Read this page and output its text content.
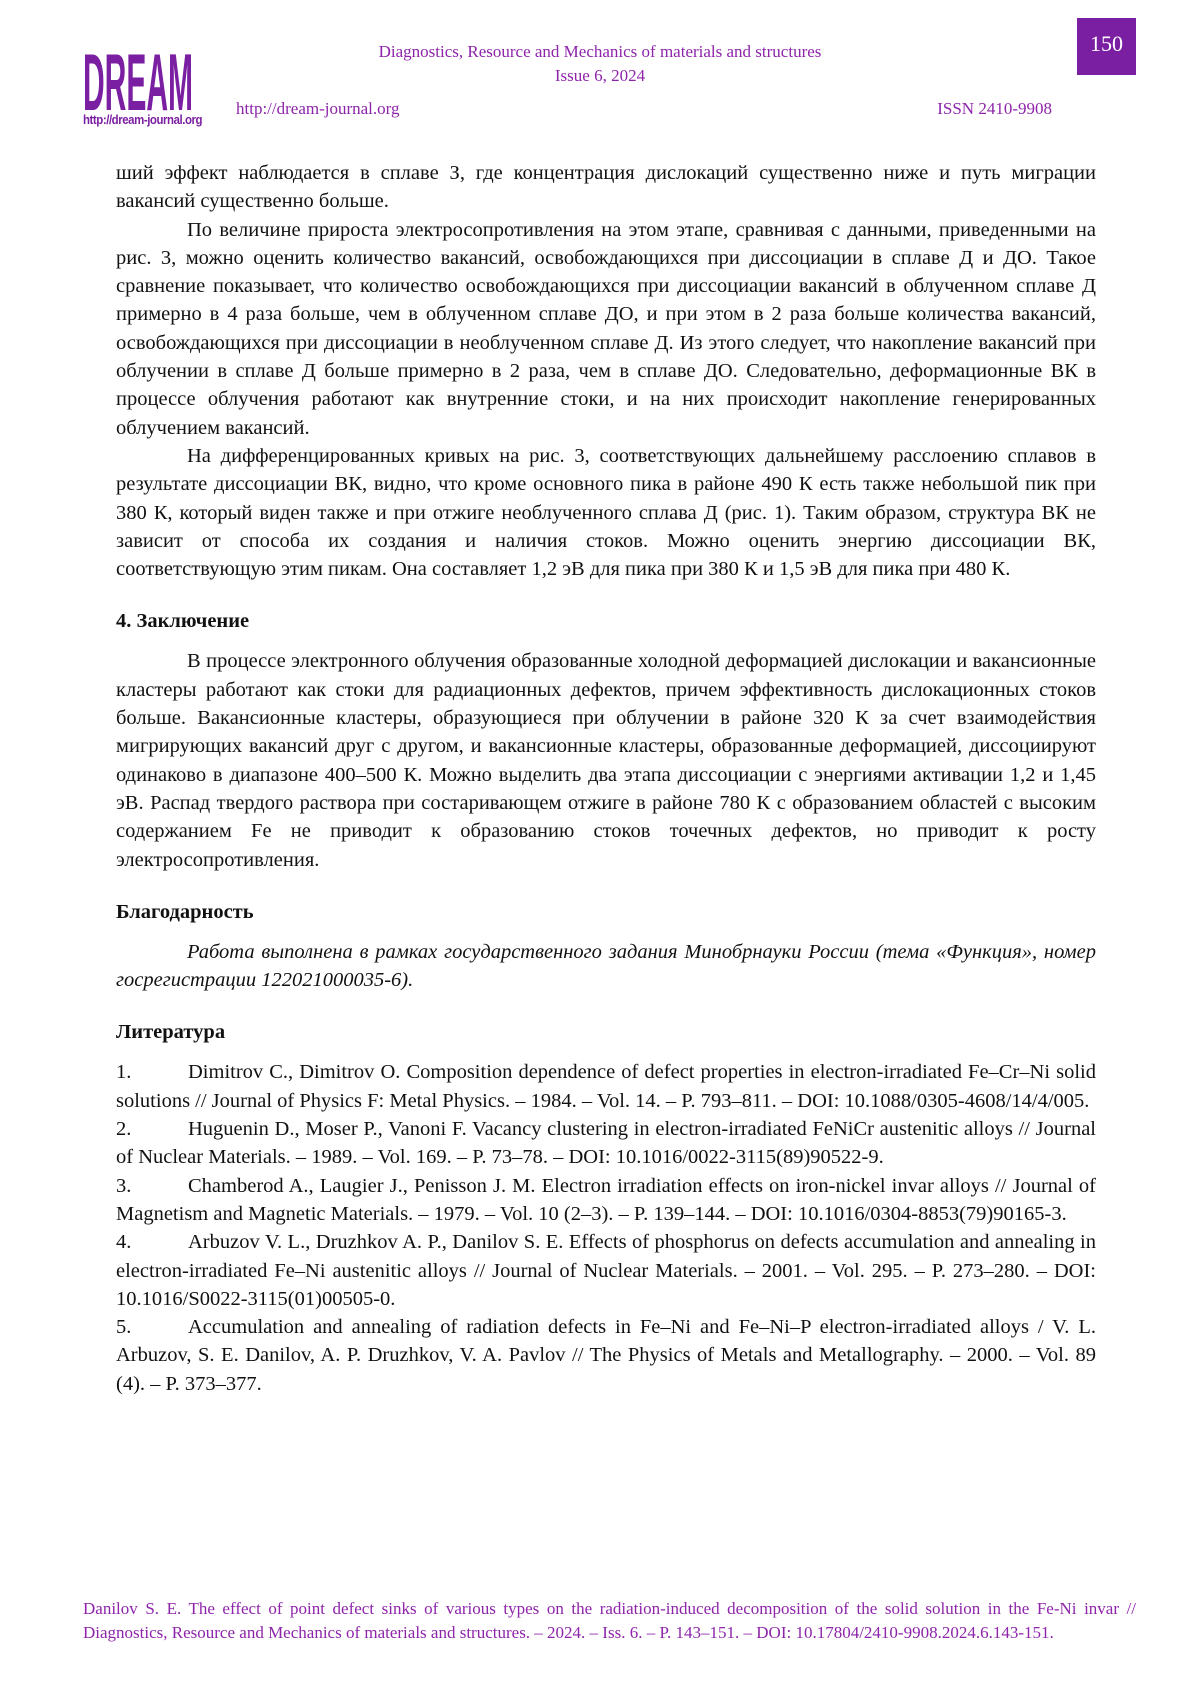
DREAM
http://dream-journal.org
Diagnostics, Resource and Mechanics of materials and structures
Issue 6, 2024
http://dream-journal.org	ISSN 2410-9908
150

ший эффект наблюдается в сплаве З, где концентрация дислокаций существенно ниже и путь миграции вакансий существенно больше.

По величине прироста электросопротивления на этом этапе, сравнивая с данными, приведенными на рис. 3, можно оценить количество вакансий, освобождающихся при диссоциации в сплаве Д и ДО. Такое сравнение показывает, что количество освобождающихся при диссоциации вакансий в облученном сплаве Д примерно в 4 раза больше, чем в облученном сплаве ДО, и при этом в 2 раза больше количества вакансий, освобождающихся при диссоциации в необлученном сплаве Д. Из этого следует, что накопление вакансий при облучении в сплаве Д больше примерно в 2 раза, чем в сплаве ДО. Следовательно, деформационные ВК в процессе облучения работают как внутренние стоки, и на них происходит накопление генерированных облучением вакансий.

На дифференцированных кривых на рис. 3, соответствующих дальнейшему расслоению сплавов в результате диссоциации ВК, видно, что кроме основного пика в районе 490 К есть также небольшой пик при 380 К, который виден также и при отжиге необлученного сплава Д (рис. 1). Таким образом, структура ВК не зависит от способа их создания и наличия стоков. Можно оценить энергию диссоциации ВК, соответствующую этим пикам. Она составляет 1,2 эВ для пика при 380 К и 1,5 эВ для пика при 480 К.

4. Заключение

В процессе электронного облучения образованные холодной деформацией дислокации и вакансионные кластеры работают как стоки для радиационных дефектов, причем эффективность дислокационных стоков больше. Вакансионные кластеры, образующиеся при облучении в районе 320 К за счет взаимодействия мигрирующих вакансий друг с другом, и вакансионные кластеры, образованные деформацией, диссоциируют одинаково в диапазоне 400–500 К. Можно выделить два этапа диссоциации с энергиями активации 1,2 и 1,45 эВ. Распад твердого раствора при состаривающем отжиге в районе 780 К с образованием областей с высоким содержанием Fe не приводит к образованию стоков точечных дефектов, но приводит к росту электросопротивления.

Благодарность

Работа выполнена в рамках государственного задания Минобрнауки России (тема «Функция», номер госрегистрации 122021000035-6).

Литература

1.	Dimitrov C., Dimitrov O. Composition dependence of defect properties in electron-irradiated Fe–Cr–Ni solid solutions // Journal of Physics F: Metal Physics. – 1984. – Vol. 14. – P. 793–811. – DOI: 10.1088/0305-4608/14/4/005.

2.	Huguenin D., Moser P., Vanoni F. Vacancy clustering in electron-irradiated FeNiCr austenitic alloys // Journal of Nuclear Materials. – 1989. – Vol. 169. – P. 73–78. – DOI: 10.1016/0022-3115(89)90522-9.

3.	Chamberod A., Laugier J., Penisson J. M. Electron irradiation effects on iron-nickel invar alloys // Journal of Magnetism and Magnetic Materials. – 1979. – Vol. 10 (2–3). – P. 139–144. – DOI: 10.1016/0304-8853(79)90165-3.

4.	Arbuzov V. L., Druzhkov A. P., Danilov S. E. Effects of phosphorus on defects accumulation and annealing in electron-irradiated Fe–Ni austenitic alloys // Journal of Nuclear Materials. – 2001. – Vol. 295. – P. 273–280. – DOI: 10.1016/S0022-3115(01)00505-0.

5.	Accumulation and annealing of radiation defects in Fe–Ni and Fe–Ni–P electron-irradiated alloys / V. L. Arbuzov, S. E. Danilov, A. P. Druzhkov, V. A. Pavlov // The Physics of Metals and Metallography. – 2000. – Vol. 89 (4). – P. 373–377.

Danilov S. E. The effect of point defect sinks of various types on the radiation-induced decomposition of the solid solution in the Fe-Ni invar // Diagnostics, Resource and Mechanics of materials and structures. – 2024. – Iss. 6. – P. 143–151. – DOI: 10.17804/2410-9908.2024.6.143-151.
